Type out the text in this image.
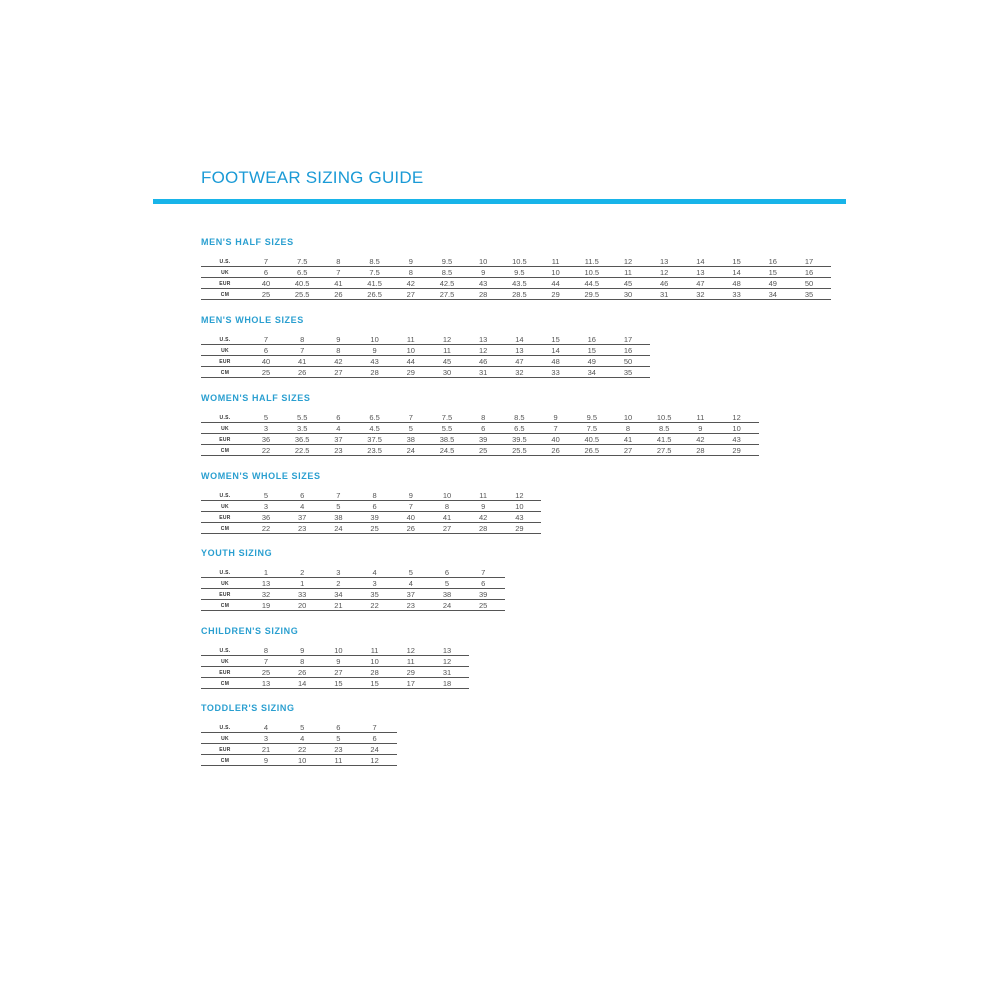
FOOTWEAR SIZING GUIDE
MEN'S HALF SIZES
U.S.	7	7.5	8	8.5	9	9.5	10	10.5	11	11.5	12	13	14	15	16	17
UK	6	6.5	7	7.5	8	8.5	9	9.5	10	10.5	11	12	13	14	15	16
EUR	40	40.5	41	41.5	42	42.5	43	43.5	44	44.5	45	46	47	48	49	50
CM	25	25.5	26	26.5	27	27.5	28	28.5	29	29.5	30	31	32	33	34	35
MEN'S WHOLE SIZES
U.S.	7	8	9	10	11	12	13	14	15	16	17
UK	6	7	8	9	10	11	12	13	14	15	16
EUR	40	41	42	43	44	45	46	47	48	49	50
CM	25	26	27	28	29	30	31	32	33	34	35
WOMEN'S HALF SIZES
U.S.	5	5.5	6	6.5	7	7.5	8	8.5	9	9.5	10	10.5	11	12
UK	3	3.5	4	4.5	5	5.5	6	6.5	7	7.5	8	8.5	9	10
EUR	36	36.5	37	37.5	38	38.5	39	39.5	40	40.5	41	41.5	42	43
CM	22	22.5	23	23.5	24	24.5	25	25.5	26	26.5	27	27.5	28	29
WOMEN'S WHOLE SIZES
U.S.	5	6	7	8	9	10	11	12
UK	3	4	5	6	7	8	9	10
EUR	36	37	38	39	40	41	42	43
CM	22	23	24	25	26	27	28	29
YOUTH SIZING
U.S.	1	2	3	4	5	6	7
UK	13	1	2	3	4	5	6
EUR	32	33	34	35	37	38	39
CM	19	20	21	22	23	24	25
CHILDREN'S SIZING
U.S.	8	9	10	11	12	13
UK	7	8	9	10	11	12
EUR	25	26	27	28	29	31
CM	13	14	15	15	17	18
TODDLER'S SIZING
U.S.	4	5	6	7
UK	3	4	5	6
EUR	21	22	23	24
CM	9	10	11	12
